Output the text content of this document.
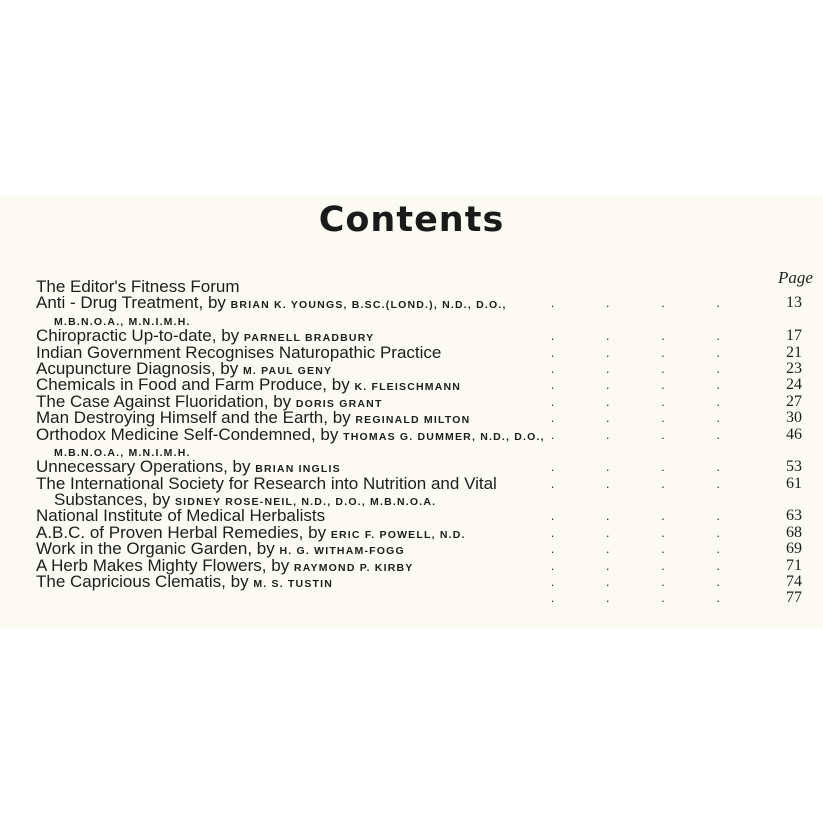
Contents
Page
The Editor's Fitness Forum
Anti - Drug Treatment, by BRIAN K. YOUNGS, B.SC.(LOND.), N.D., D.O.,	. . . .	13
M.B.N.O.A., M.N.I.M.H.
Chiropractic Up-to-date, by PARNELL BRADBURY	. . . .	17
Indian Government Recognises Naturopathic Practice	. . . .	21
Acupuncture Diagnosis, by M. PAUL GENY	. . . .	23
Chemicals in Food and Farm Produce, by K. FLEISCHMANN	. . . .	24
The Case Against Fluoridation, by DORIS GRANT	. . . .	27
Man Destroying Himself and the Earth, by REGINALD MILTON	. . . .	30
Orthodox Medicine Self-Condemned, by THOMAS G. DUMMER, N.D., D.O., . . . .	46
M.B.N.O.A., M.N.I.M.H.
Unnecessary Operations, by BRIAN INGLIS	. . . .	53
The International Society for Research into Nutrition and Vital	. . . .	61
Substances, by SIDNEY ROSE-NEIL, N.D., D.O., M.B.N.O.A.
National Institute of Medical Herbalists	. . . .	63
A.B.C. of Proven Herbal Remedies, by ERIC F. POWELL, N.D.	. . . .	68
Work in the Organic Garden, by H. G. WITHAM-FOGG	. . . .	69
A Herb Makes Mighty Flowers, by RAYMOND P. KIRBY	. . . .	71
The Capricious Clematis, by M. S. TUSTIN	. . . .	74
. . . .	77
